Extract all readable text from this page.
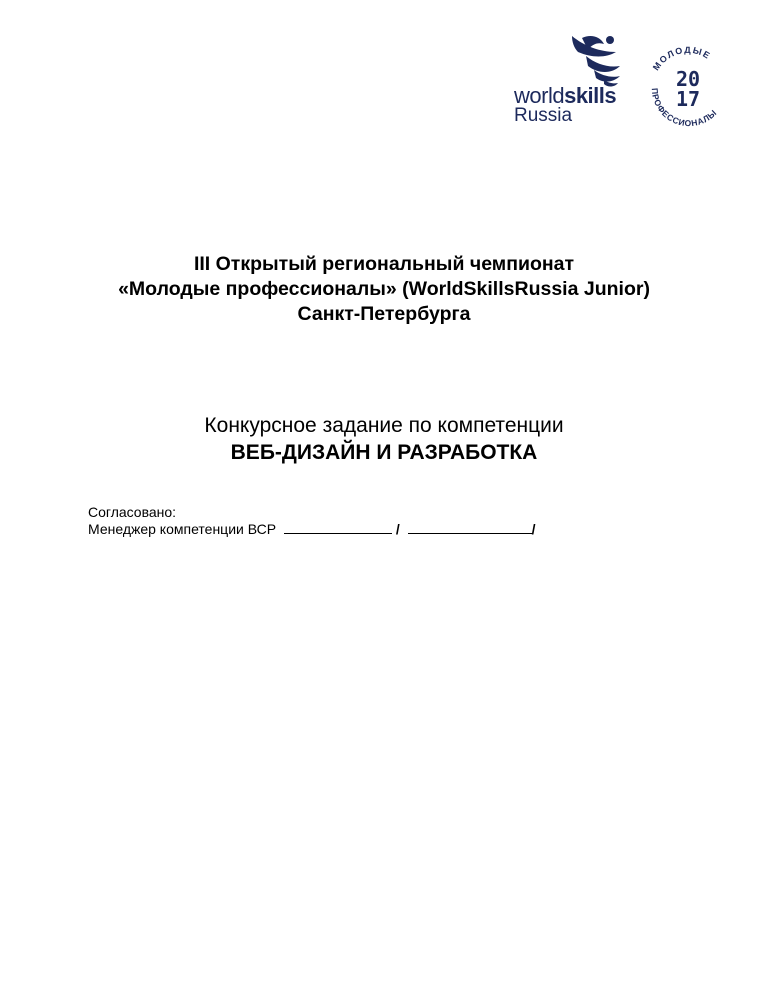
worldskills
Russia
МОЛОДЫЕ
ПРОФЕССИОНАЛЫ
20
17
III Открытый региональный чемпионат
«Молодые профессионалы» (WorldSkillsRussia Junior)
Санкт-Петербурга
Конкурсное задание по компетенции
ВЕБ-ДИЗАЙН И РАЗРАБОТКА
Согласовано:
Менеджер компетенции ВСР	/	/
